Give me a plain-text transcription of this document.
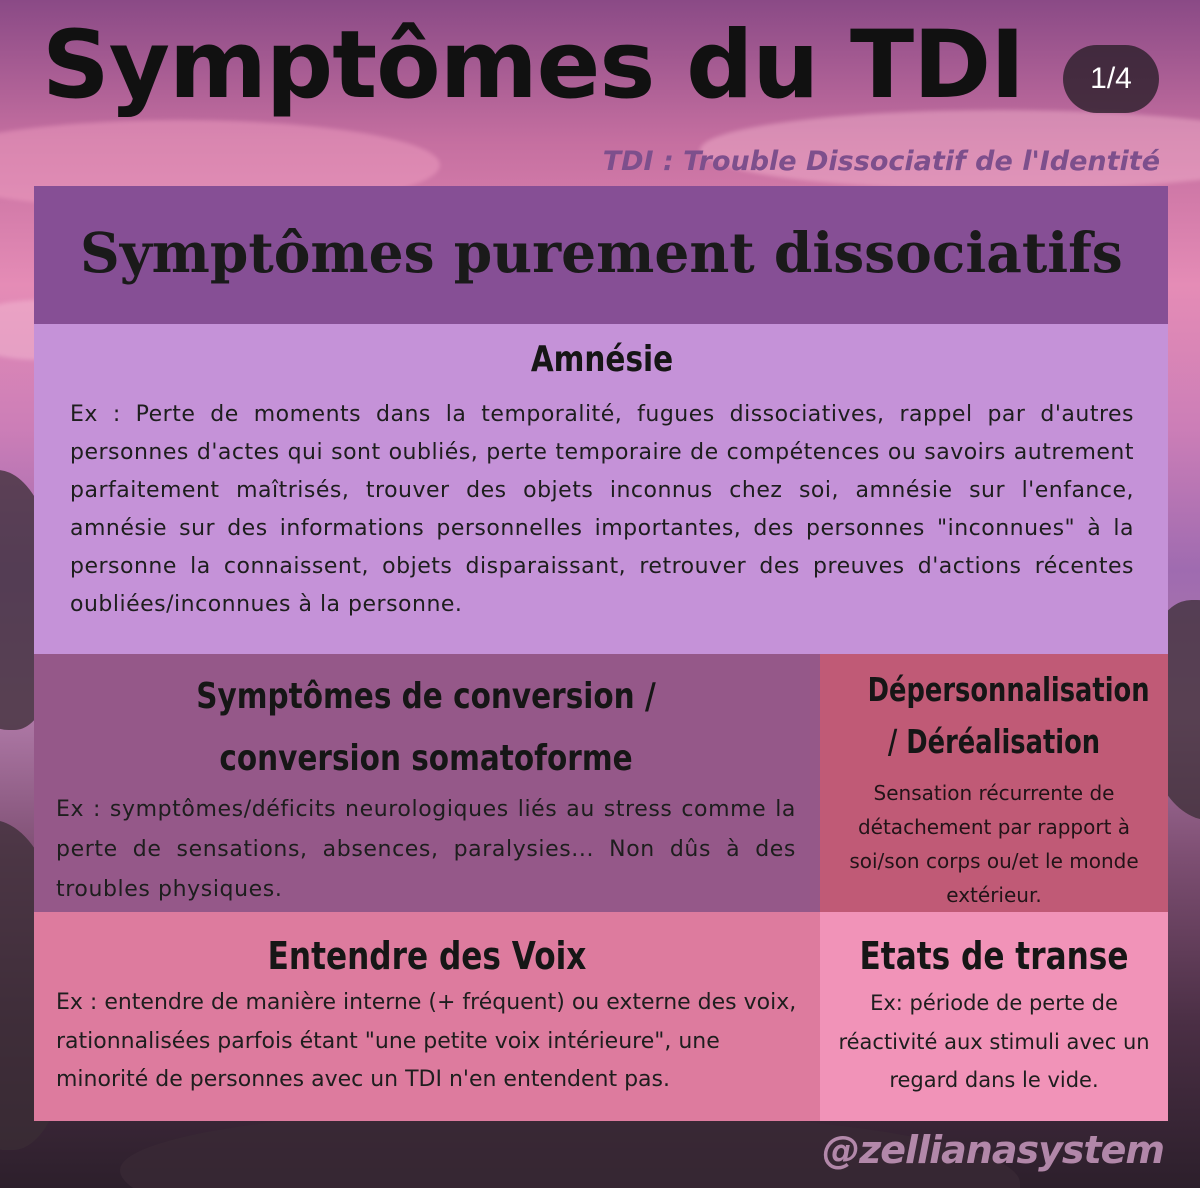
Symptômes du TDI	1/4
TDI : Trouble Dissociatif de l'Identité
Symptômes purement dissociatifs

Amnésie

Ex : Perte de moments dans la temporalité, fugues dissociatives, rappel par d'autres personnes d'actes qui sont oubliés, perte temporaire de compétences ou savoirs autrement parfaitement maîtrisés, trouver des objets inconnus chez soi, amnésie sur l'enfance, amnésie sur des informations personnelles importantes, des personnes "inconnues" à la personne la connaissent, objets disparaissant, retrouver des preuves d'actions récentes oubliées/inconnues à la personne.

Symptômes de conversion / conversion somatoforme

Ex : symptômes/déficits neurologiques liés au stress comme la perte de sensations, absences, paralysies... Non dûs à des troubles physiques.

Dépersonnalisation / Déréalisation

Sensation récurrente de détachement par rapport à soi/son corps ou/et le monde extérieur.

Entendre des Voix

Ex : entendre de manière interne (+ fréquent) ou externe des voix, rationnalisées parfois étant "une petite voix intérieure", une minorité de personnes avec un TDI n'en entendent pas.

Etats de transe

Ex: période de perte de réactivité aux stimuli avec un regard dans le vide.

@zellianasystem
